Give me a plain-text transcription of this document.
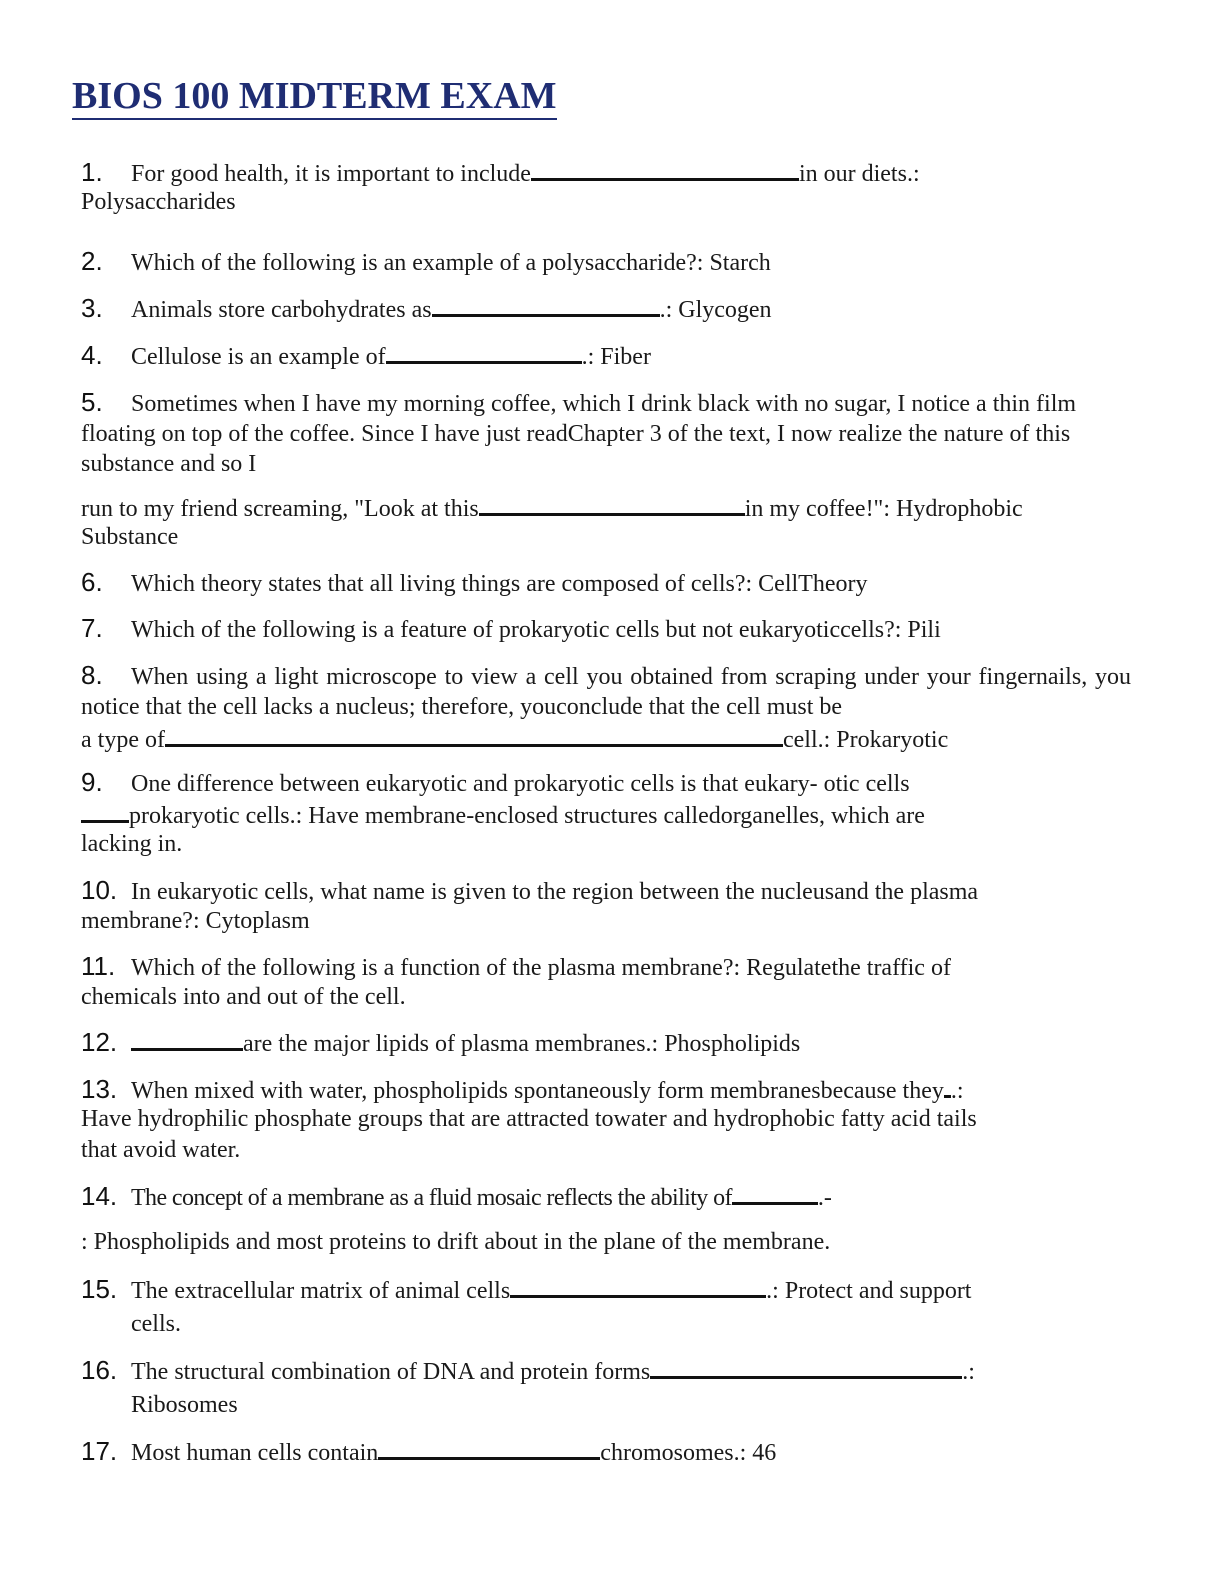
BIOS 100 MIDTERM EXAM
1. For good health, it is important to include	in our diets.:
Polysaccharides
2. Which of the following is an example of a polysaccharide?: Starch
3. Animals store carbohydrates as	.: Glycogen
4. Cellulose is an example of	.: Fiber
5. Sometimes when I have my morning coffee, which I drink black with no sugar, I notice a thin film floating on top of the coffee. Since I have just readChapter 3 of the text, I now realize the nature of this substance and so I
run to my friend screaming, "Look at this	in my coffee!": Hydrophobic
Substance
6. Which theory states that all living things are composed of cells?: CellTheory
7. Which of the following is a feature of prokaryotic cells but not eukaryoticcells?: Pili
8. When using a light microscope to view a cell you obtained from scraping under your fingernails, you notice that the cell lacks a nucleus; therefore, youconclude that the cell must be
a type of	cell.: Prokaryotic
9. One difference between eukaryotic and prokaryotic cells is that eukary- otic cells
prokaryotic cells.: Have membrane-enclosed structures calledorganelles, which are
lacking in.
10. In eukaryotic cells, what name is given to the region between the nucleusand the plasma
membrane?: Cytoplasm
11. Which of the following is a function of the plasma membrane?: Regulatethe traffic of
chemicals into and out of the cell.
12.	are the major lipids of plasma membranes.: Phospholipids
13. When mixed with water, phospholipids spontaneously form membranesbecause they .:
Have hydrophilic phosphate groups that are attracted towater and hydrophobic fatty acid tails
that avoid water.
14. The concept of a membrane as a fluid mosaic reflects the ability of	.-
: Phospholipids and most proteins to drift about in the plane of the membrane.
15. The extracellular matrix of animal cells	.: Protect and support
cells.
16. The structural combination of DNA and protein forms	.:
Ribosomes
17. Most human cells contain	chromosomes.: 46
